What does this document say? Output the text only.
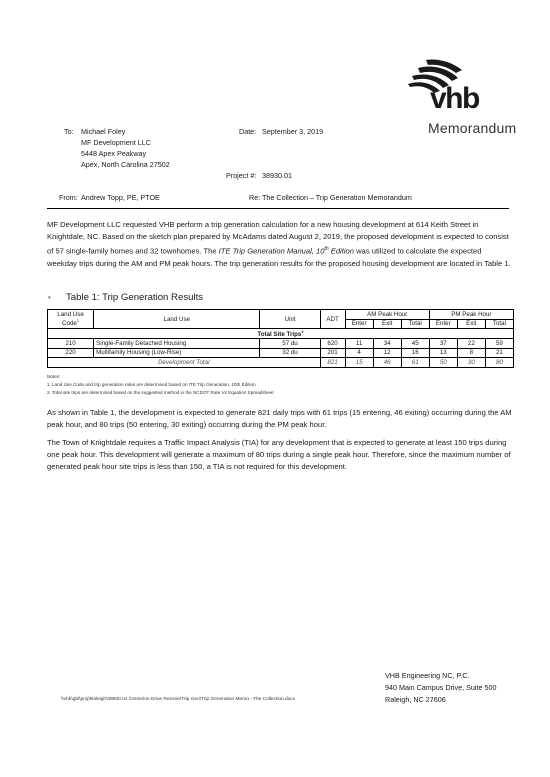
vhb
Memorandum
To: Michael Foley
MF Development LLC
5448 Apex Peakway
Apex, North Carolina 27502
Date: September 3, 2019
Project #: 38930.01
From: Andrew Topp, PE, PTOE	Re: The Collection – Trip Generation Memorandum
MF Development LLC requested VHB perform a trip generation calculation for a new housing development at 614 Keith Street in Knightdale, NC. Based on the sketch plan prepared by McAdams dated August 2, 2019, the proposed development is expected to consist of 57 single-family homes and 32 townhomes. The ITE Trip Generation Manual, 10th Edition was utilized to calculate the expected weekday trips during the AM and PM peak hours. The trip generation results for the proposed housing development are located in Table 1.
• Table 1: Trip Generation Results
Land Use
Code$^1$	Land Use	Unit	ADT	AM Peak Hour			PM Peak Hour		
				Enter	Exit	Total	Enter	Exit	Total
Total Site Trips$^2$
210	Single-Family Detached Housing	57 du	620	11	34	45	37	22	59
220	Multifamily Housing (Low-Rise)	32 du	201	4	12	16	13	8	21
Development Total			821	15	46	61	50	30	80
Notes:
1. Land Use Code and trip generation rates are determined based on ITE Trip Generation, 10th Edition
2. Total site trips are determined based on the suggested method in the NCDOT Rate Vs Equation Spreadsheet
As shown in Table 1, the development is expected to generate 821 daily trips with 61 trips (15 entering, 46 exiting) occurring during the AM peak hour, and 80 trips (50 entering, 30 exiting) occurring during the PM peak hour.
The Town of Knightdale requires a Traffic Impact Analysis (TIA) for any development that is expected to generate at least 150 trips during one peak hour. This development will generate a maximum of 80 trips during a single peak hour. Therefore, since the maximum number of generated peak hour site trips is less than 150, a TIA is not required for this development.
VHB Engineering NC, P.C.
940 Main Campus Drive, Suite 500
Raleigh, NC 27606
\\vhb\gbl\proj\Raleigh\38930.01 Centurion Drive Rezone\Trip Gen\Trip Generation Memo - The Collection.docx
